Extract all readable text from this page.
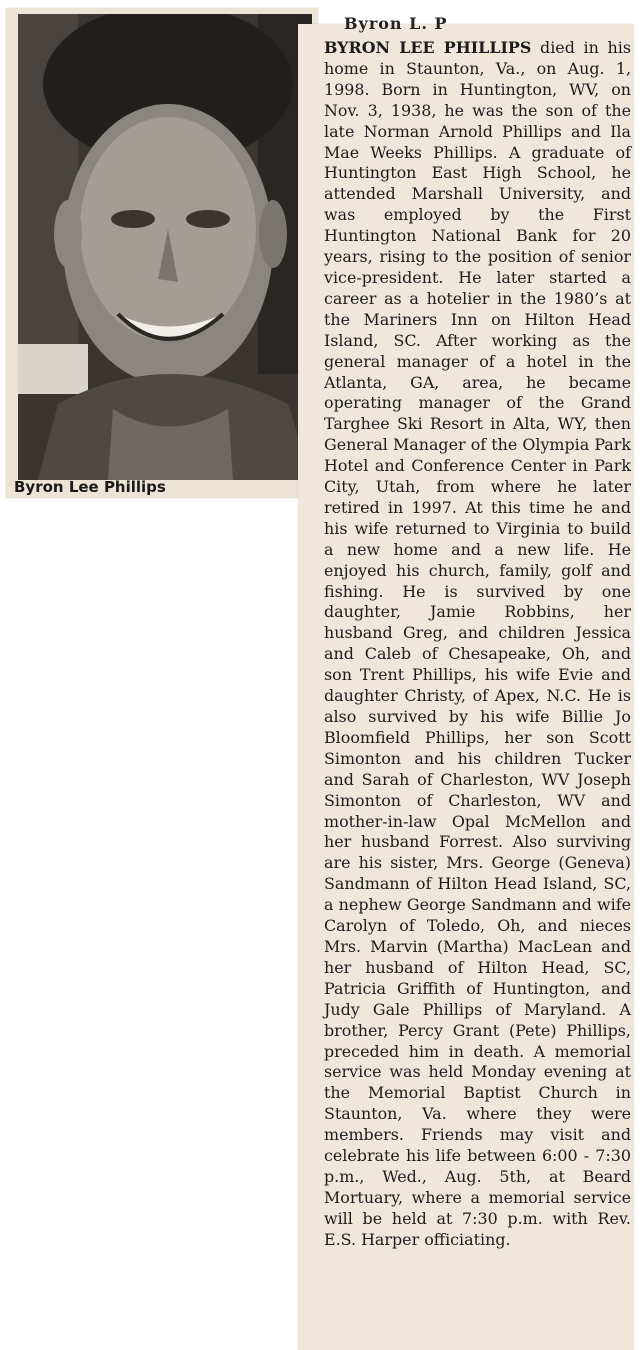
Byron Lee Phillips
Byron L. P

BYRON LEE PHILLIPS died in his home in Staunton, Va., on Aug. 1, 1998. Born in Huntington, WV, on Nov. 3, 1938, he was the son of the late Norman Arnold Phillips and Ila Mae Weeks Phillips. A graduate of Huntington East High School, he attended Marshall University, and was employed by the First Huntington National Bank for 20 years, rising to the position of senior vice-president. He later started a career as a hotelier in the 1980’s at the Mariners Inn on Hilton Head Island, SC. After working as the general manager of a hotel in the Atlanta, GA, area, he became operating manager of the Grand Targhee Ski Resort in Alta, WY, then General Manager of the Olympia Park Hotel and Conference Center in Park City, Utah, from where he later retired in 1997. At this time he and his wife returned to Virginia to build a new home and a new life. He enjoyed his church, family, golf and fishing. He is survived by one daughter, Jamie Robbins, her husband Greg, and children Jessica and Caleb of Chesapeake, Oh, and son Trent Phillips, his wife Evie and daughter Christy, of Apex, N.C. He is also survived by his wife Billie Jo Bloomfield Phillips, her son Scott Simonton and his children Tucker and Sarah of Charleston, WV Joseph Simonton of Charleston, WV and mother-in-law Opal McMellon and her husband Forrest. Also surviving are his sister, Mrs. George (Geneva) Sandmann of Hilton Head Island, SC, a nephew George Sandmann and wife Carolyn of Toledo, Oh, and nieces Mrs. Marvin (Martha) MacLean and her husband of Hilton Head, SC, Patricia Griffith of Huntington, and Judy Gale Phillips of Maryland. A brother, Percy Grant (Pete) Phillips, preceded him in death. A memorial service was held Monday evening at the Memorial Baptist Church in Staunton, Va. where they were members. Friends may visit and celebrate his life between 6:00 - 7:30 p.m., Wed., Aug. 5th, at Beard Mortuary, where a memorial service will be held at 7:30 p.m. with Rev. E.S. Harper officiating.
